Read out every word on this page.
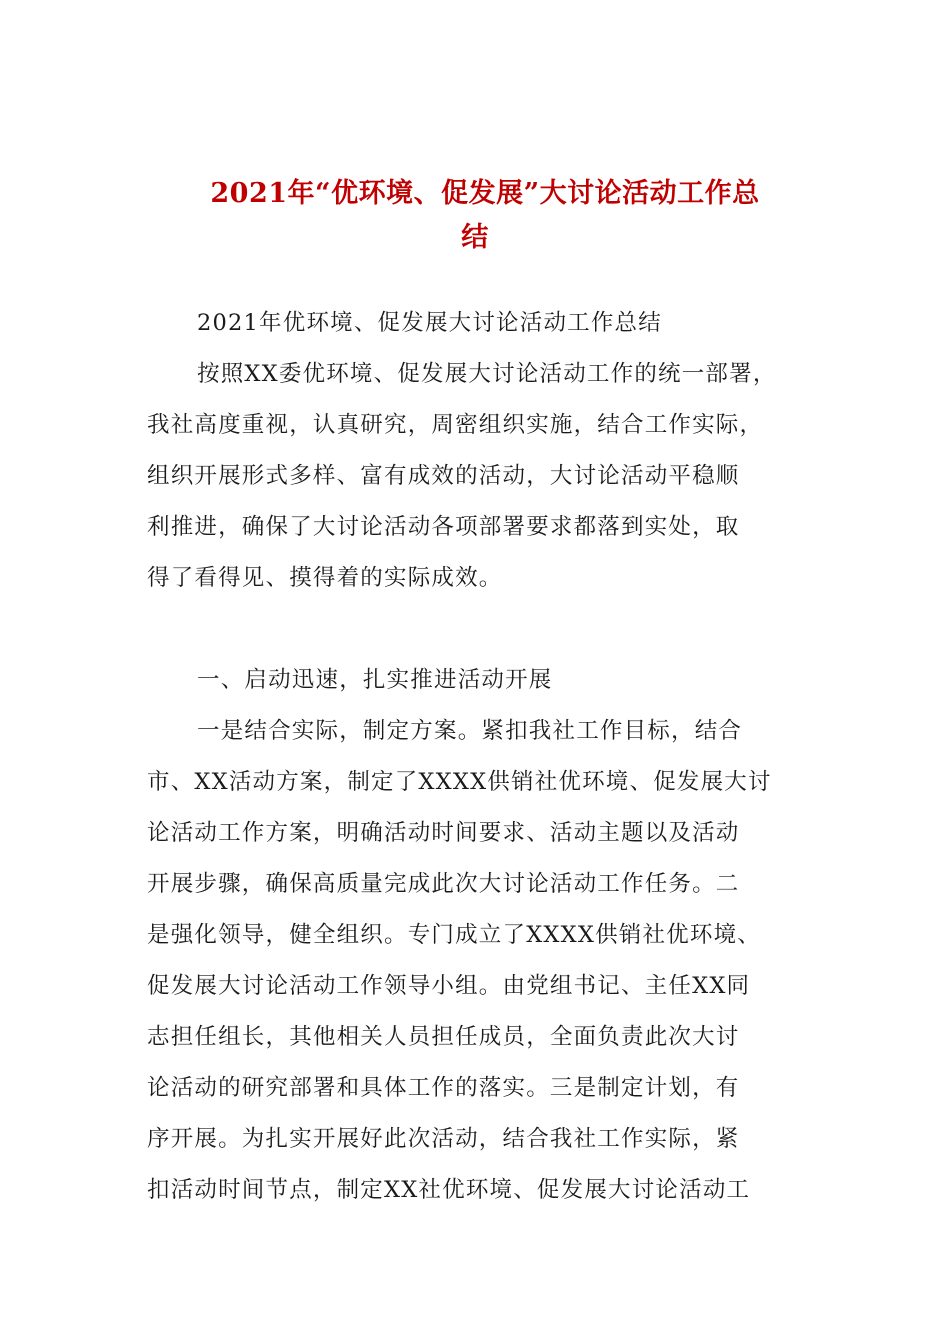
2021年“优环境、促发展”大讨论活动工作总
结
2021年优环境、促发展大讨论活动工作总结
按照XX委优环境、促发展大讨论活动工作的统一部署，
我社高度重视，认真研究，周密组织实施，结合工作实际，
组织开展形式多样、富有成效的活动，大讨论活动平稳顺
利推进，确保了大讨论活动各项部署要求都落到实处，取
得了看得见、摸得着的实际成效。
一、启动迅速，扎实推进活动开展
一是结合实际，制定方案。紧扣我社工作目标，结合
市、XX活动方案，制定了XXXX供销社优环境、促发展大讨
论活动工作方案，明确活动时间要求、活动主题以及活动
开展步骤，确保高质量完成此次大讨论活动工作任务。二
是强化领导，健全组织。专门成立了XXXX供销社优环境、
促发展大讨论活动工作领导小组。由党组书记、主任XX同
志担任组长，其他相关人员担任成员，全面负责此次大讨
论活动的研究部署和具体工作的落实。三是制定计划，有
序开展。为扎实开展好此次活动，结合我社工作实际，紧
扣活动时间节点，制定XX社优环境、促发展大讨论活动工
